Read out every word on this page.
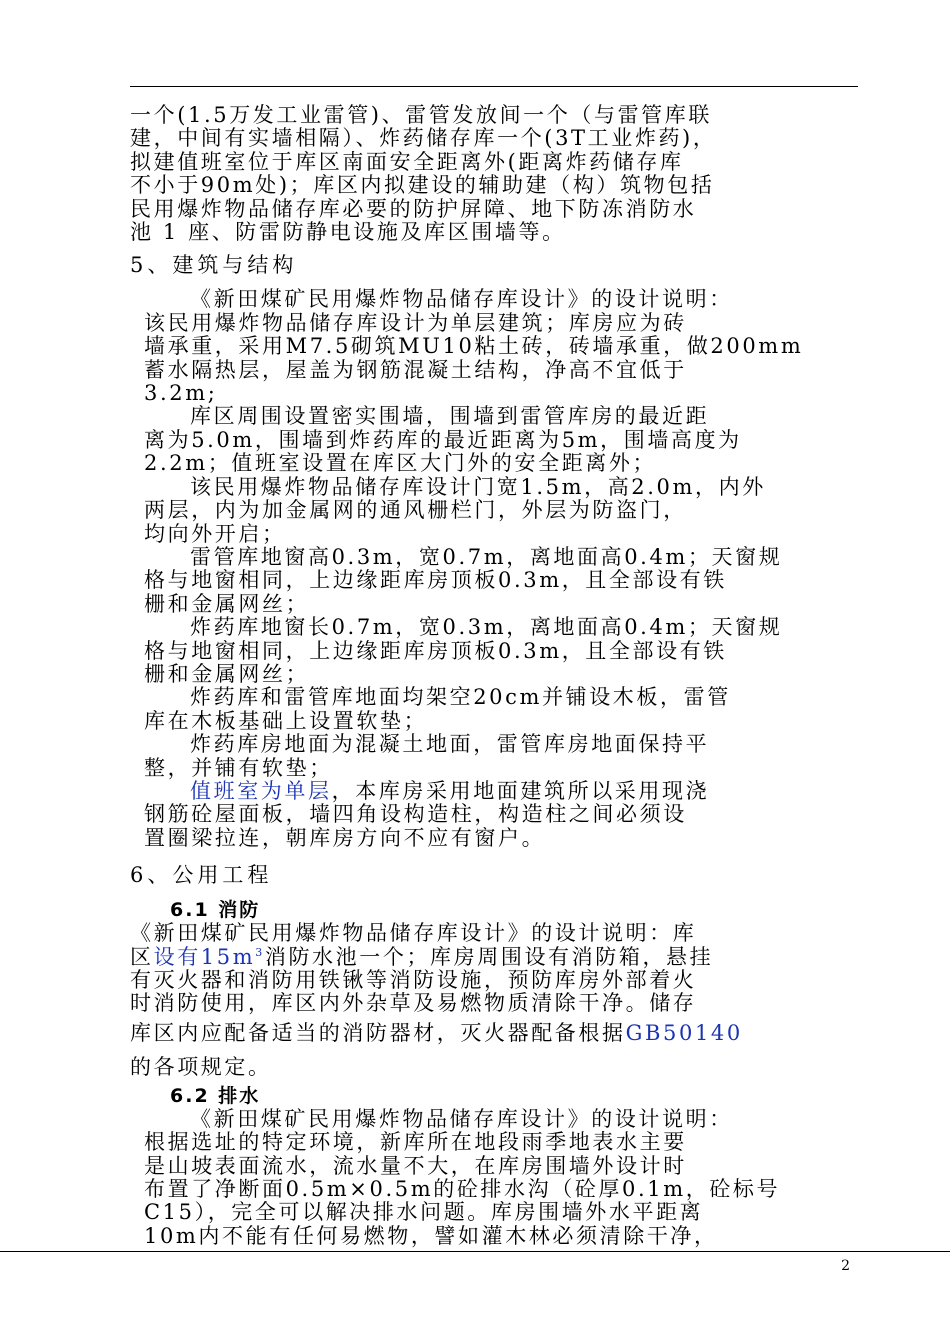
一个(1.5万发工业雷管)、雷管发放间一个（与雷管库联
建，中间有实墙相隔）、炸药储存库一个(3T工业炸药)，
拟建值班室位于库区南面安全距离外(距离炸药储存库
不小于90m处)；库区内拟建设的辅助建（构）筑物包括
民用爆炸物品储存库必要的防护屏障、地下防冻消防水
池 1 座、防雷防静电设施及库区围墙等。
5、建筑与结构
《新田煤矿民用爆炸物品储存库设计》的设计说明：
该民用爆炸物品储存库设计为单层建筑；库房应为砖
墙承重，采用M7.5砌筑MU10粘土砖，砖墙承重，做200mm
蓄水隔热层，屋盖为钢筋混凝土结构，净高不宜低于
3.2m;
库区周围设置密实围墙，围墙到雷管库房的最近距
离为5.0m，围墙到炸药库的最近距离为5m，围墙高度为
2.2m；值班室设置在库区大门外的安全距离外；
该民用爆炸物品储存库设计门宽1.5m，高2.0m，内外
两层，内为加金属网的通风栅栏门，外层为防盗门，
均向外开启；
雷管库地窗高0.3m，宽0.7m，离地面高0.4m；天窗规
格与地窗相同，上边缘距库房顶板0.3m，且全部设有铁
栅和金属网丝；
炸药库地窗长0.7m，宽0.3m，离地面高0.4m；天窗规
格与地窗相同，上边缘距库房顶板0.3m，且全部设有铁
栅和金属网丝；
炸药库和雷管库地面均架空20cm并铺设木板，雷管
库在木板基础上设置软垫；
炸药库房地面为混凝土地面，雷管库房地面保持平
整，并铺有软垫；
值班室为单层，本库房采用地面建筑所以采用现浇
钢筋砼屋面板，墙四角设构造柱，构造柱之间必须设
置圈梁拉连，朝库房方向不应有窗户。
6、公用工程
6.1 消防
《新田煤矿民用爆炸物品储存库设计》的设计说明：库
区设有$15m^3$消防水池一个；库房周围设有消防箱，悬挂
有灭火器和消防用铁锹等消防设施，预防库房外部着火
时消防使用，库区内外杂草及易燃物质清除干净。储存
库区内应配备适当的消防器材，灭火器配备根据GB50140
的各项规定。
6.2 排水
《新田煤矿民用爆炸物品储存库设计》的设计说明：
根据选址的特定环境，新库所在地段雨季地表水主要
是山坡表面流水，流水量不大，在库房围墙外设计时
布置了净断面0.5m×0.5m的砼排水沟（砼厚0.1m，砼标号
C15），完全可以解决排水问题。库房围墙外水平距离
10m内不能有任何易燃物，譬如灌木林必须清除干净，
2
